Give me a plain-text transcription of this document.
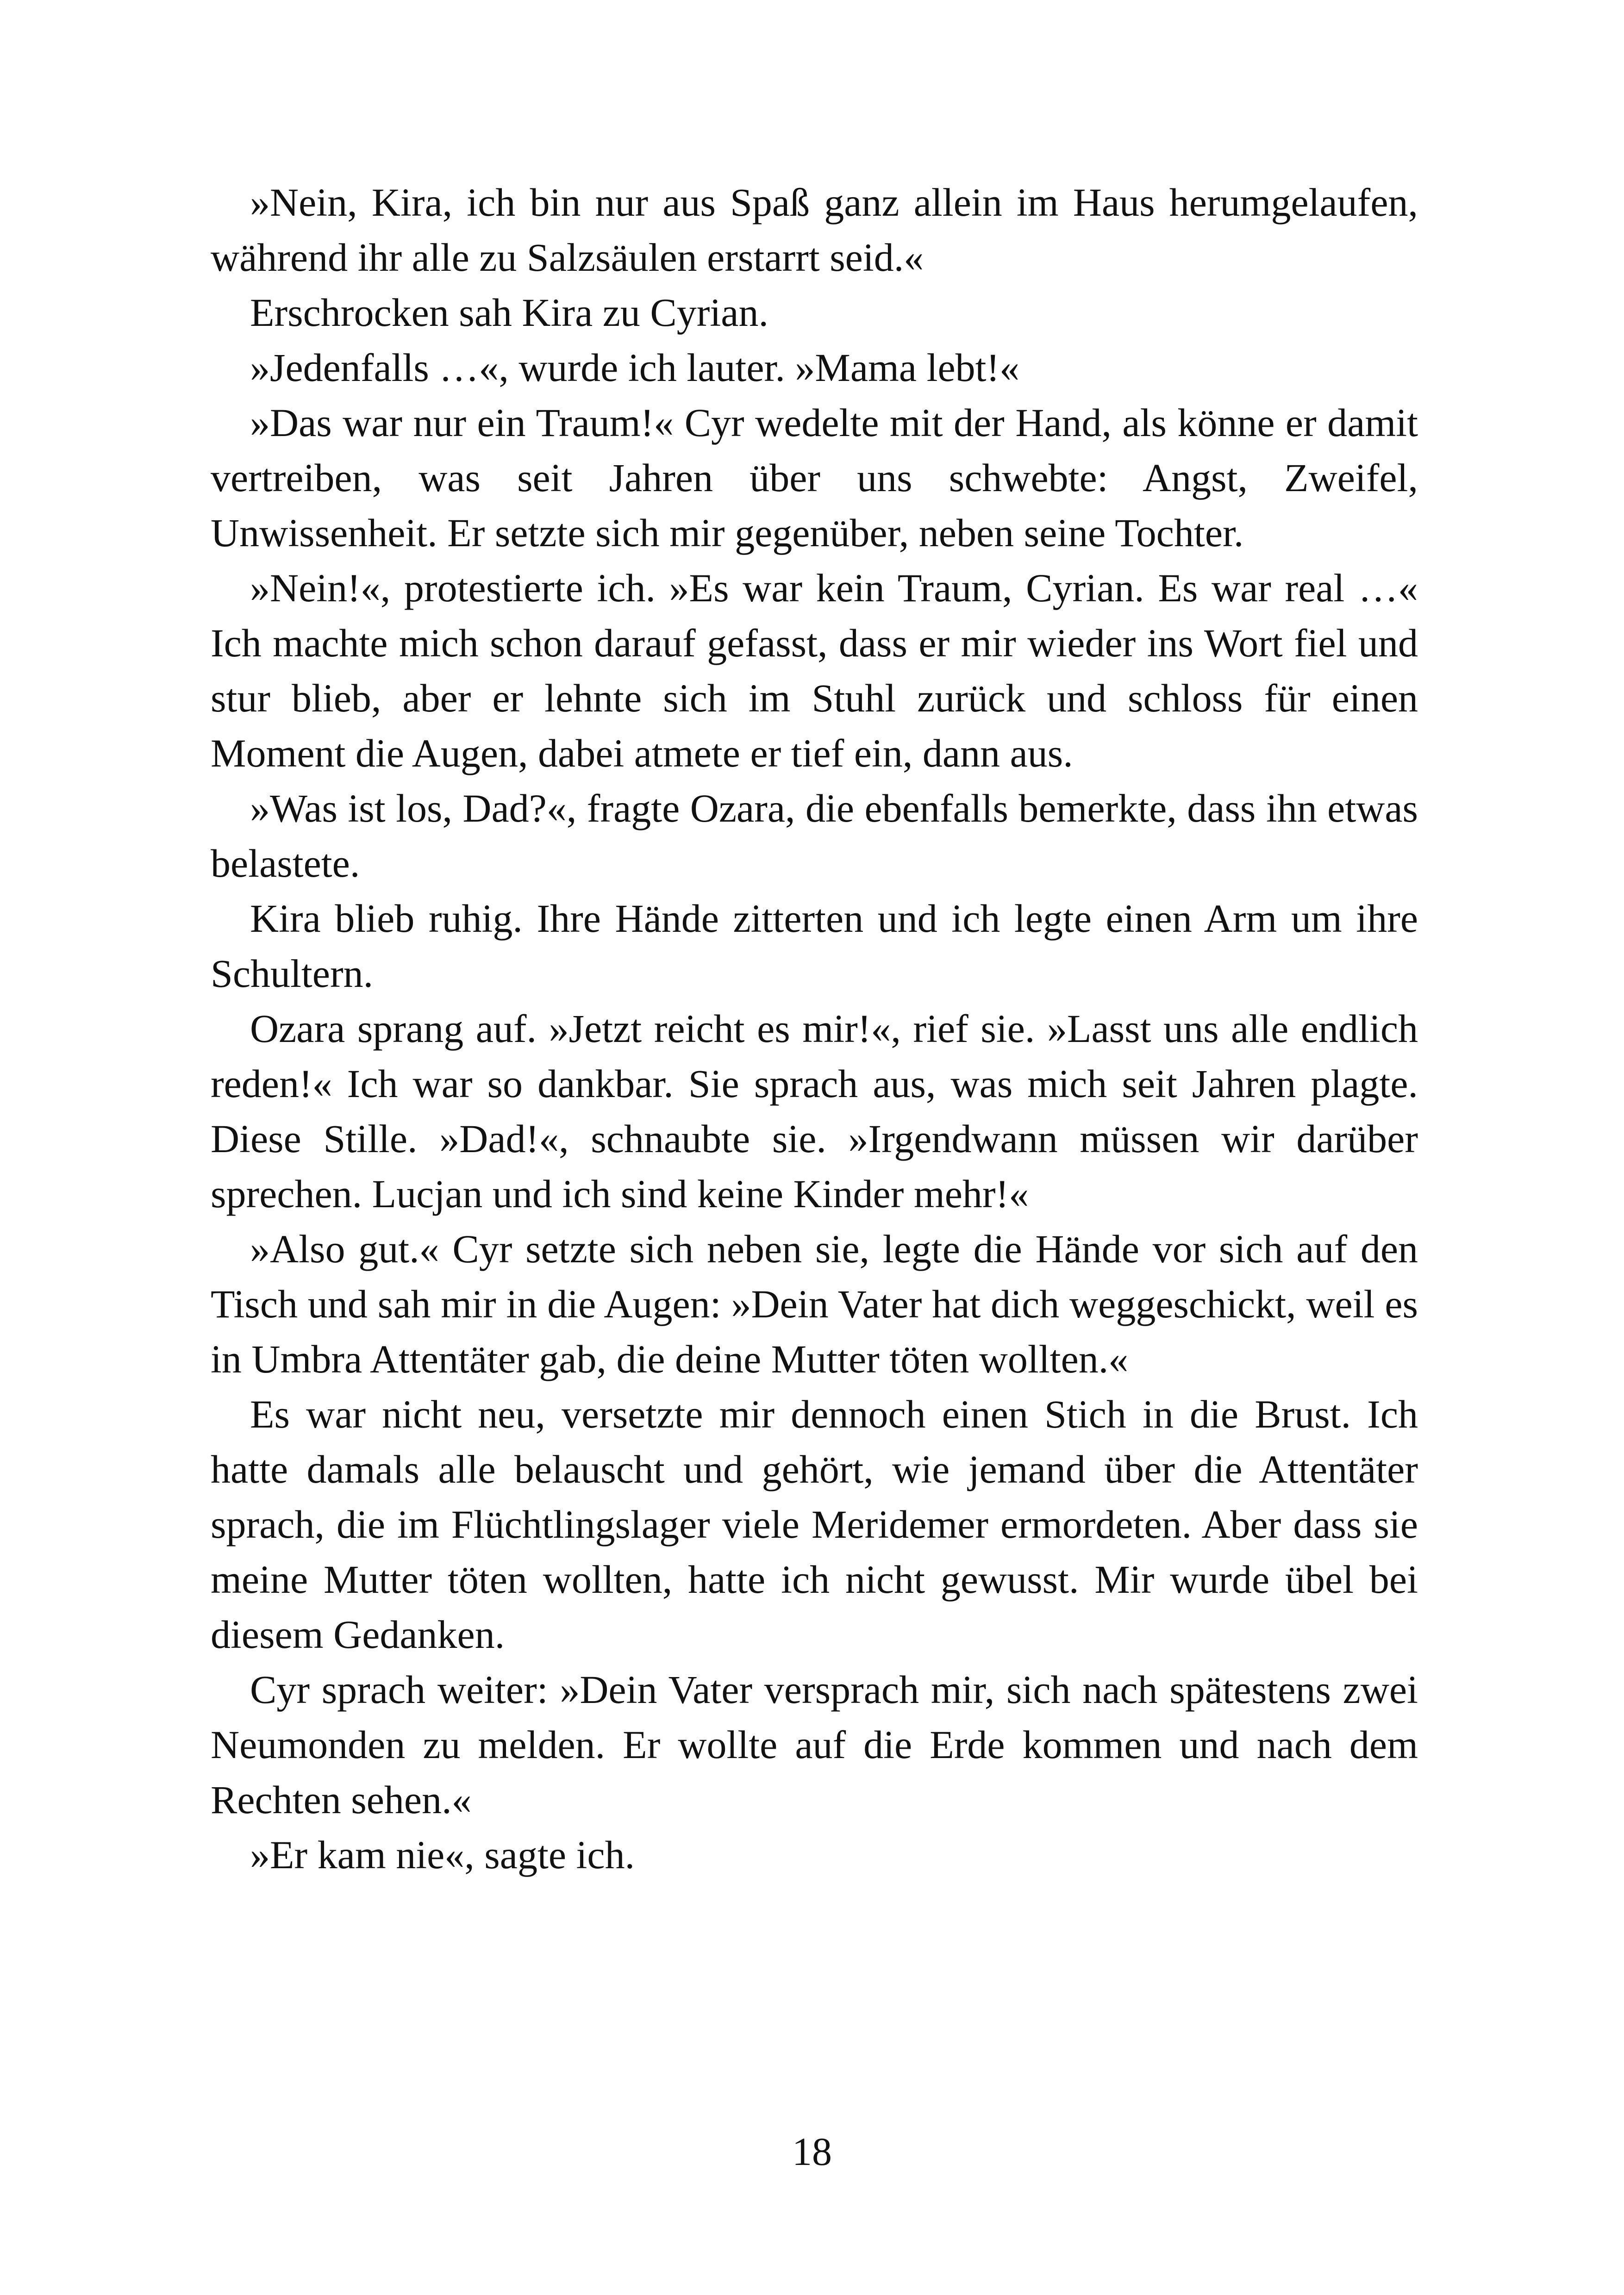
»Nein, Kira, ich bin nur aus Spaß ganz allein im Haus herumgelaufen, während ihr alle zu Salzsäulen erstarrt seid.«

Erschrocken sah Kira zu Cyrian.

»Jedenfalls …«, wurde ich lauter. »Mama lebt!«

»Das war nur ein Traum!« Cyr wedelte mit der Hand, als könne er damit vertreiben, was seit Jahren über uns schwebte: Angst, Zweifel, Unwissenheit. Er setzte sich mir gegenüber, neben seine Tochter.

»Nein!«, protestierte ich. »Es war kein Traum, Cyrian. Es war real …« Ich machte mich schon darauf gefasst, dass er mir wieder ins Wort fiel und stur blieb, aber er lehnte sich im Stuhl zurück und schloss für einen Moment die Augen, dabei atmete er tief ein, dann aus.

»Was ist los, Dad?«, fragte Ozara, die ebenfalls bemerkte, dass ihn etwas belastete.

Kira blieb ruhig. Ihre Hände zitterten und ich legte einen Arm um ihre Schultern.

Ozara sprang auf. »Jetzt reicht es mir!«, rief sie. »Lasst uns alle endlich reden!« Ich war so dankbar. Sie sprach aus, was mich seit Jahren plagte. Diese Stille. »Dad!«, schnaubte sie. »Irgendwann müssen wir darüber sprechen. Lucjan und ich sind keine Kinder mehr!«

»Also gut.« Cyr setzte sich neben sie, legte die Hände vor sich auf den Tisch und sah mir in die Augen: »Dein Vater hat dich weggeschickt, weil es in Umbra Attentäter gab, die deine Mutter töten wollten.«

Es war nicht neu, versetzte mir dennoch einen Stich in die Brust. Ich hatte damals alle belauscht und gehört, wie jemand über die Attentäter sprach, die im Flüchtlingslager viele Meridemer ermordeten. Aber dass sie meine Mutter töten wollten, hatte ich nicht gewusst. Mir wurde übel bei diesem Gedanken.

Cyr sprach weiter: »Dein Vater versprach mir, sich nach spätestens zwei Neumonden zu melden. Er wollte auf die Erde kommen und nach dem Rechten sehen.«

»Er kam nie«, sagte ich.

18
